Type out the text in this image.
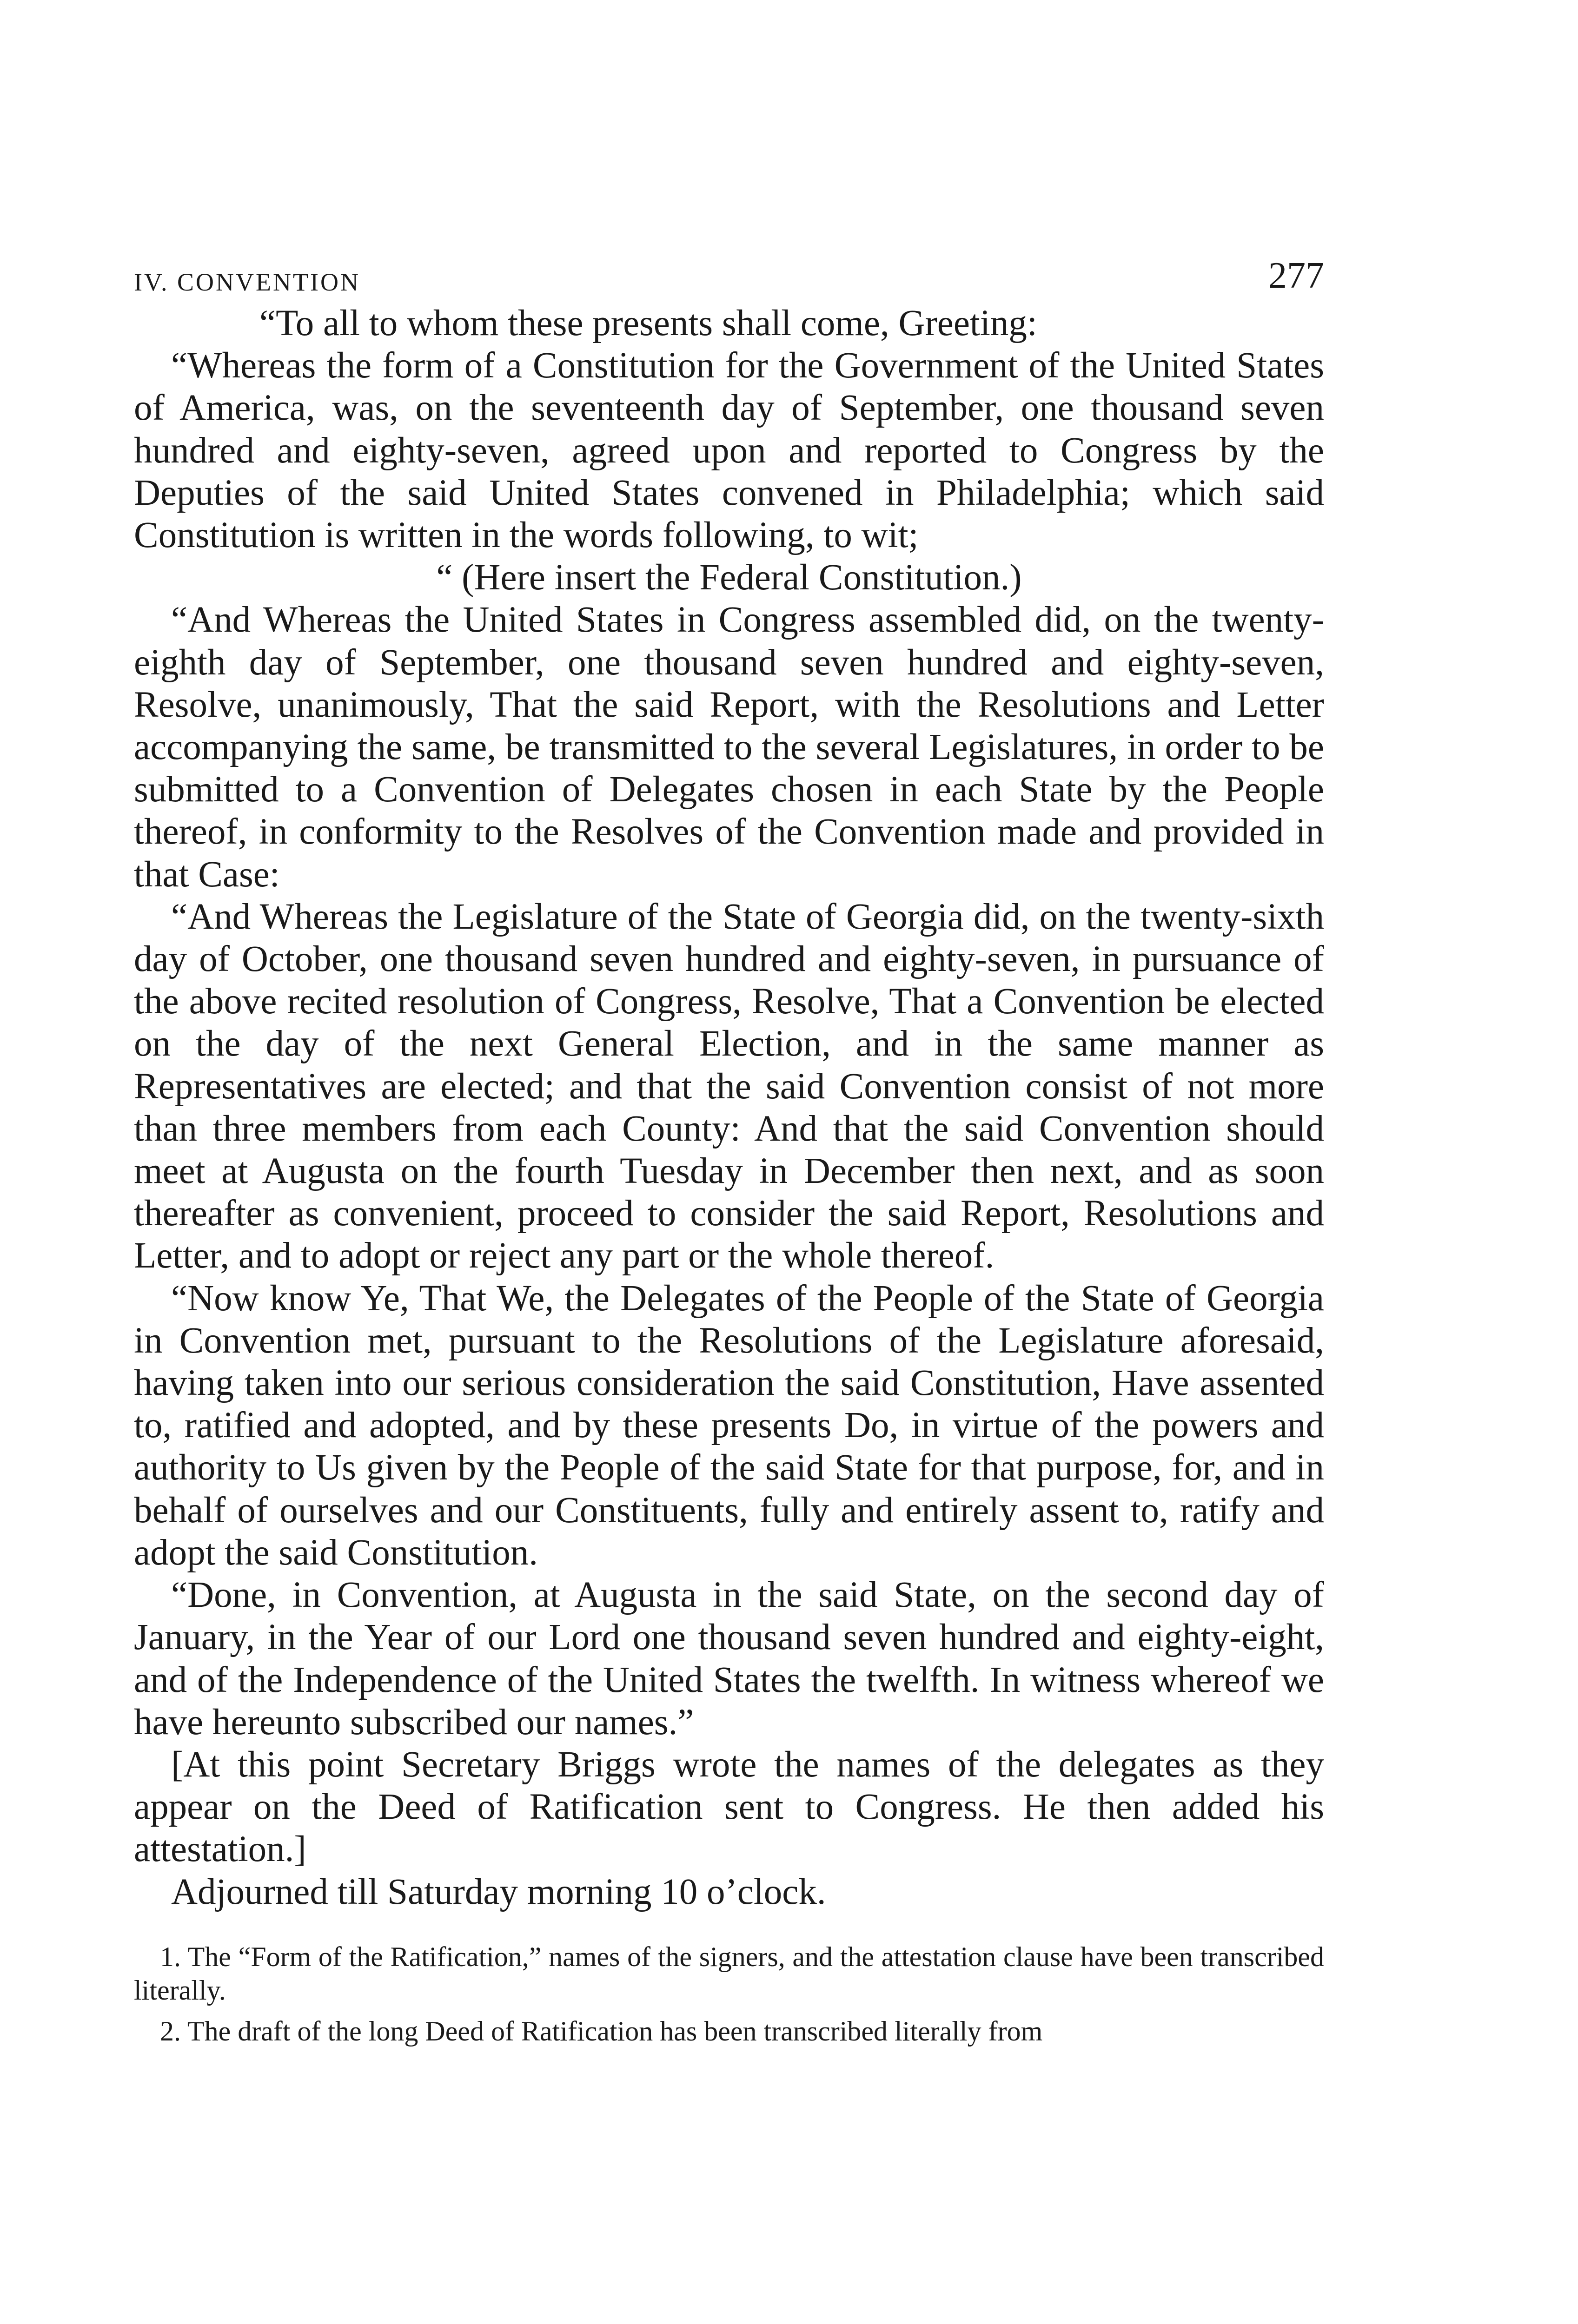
IV. CONVENTION	277

“To all to whom these presents shall come, Greeting:

“Whereas the form of a Constitution for the Government of the United States of America, was, on the seventeenth day of September, one thousand seven hundred and eighty-seven, agreed upon and reported to Congress by the Deputies of the said United States convened in Philadelphia; which said Constitution is written in the words following, to wit;

“ (Here insert the Federal Constitution.)

“And Whereas the United States in Congress assembled did, on the twenty-eighth day of September, one thousand seven hundred and eighty-seven, Resolve, unanimously, That the said Report, with the Resolutions and Letter accompanying the same, be transmitted to the several Legislatures, in order to be submitted to a Convention of Delegates chosen in each State by the People thereof, in conformity to the Resolves of the Convention made and provided in that Case:

“And Whereas the Legislature of the State of Georgia did, on the twenty-sixth day of October, one thousand seven hundred and eighty-seven, in pursuance of the above recited resolution of Congress, Resolve, That a Convention be elected on the day of the next General Election, and in the same manner as Representatives are elected; and that the said Convention consist of not more than three members from each County: And that the said Convention should meet at Augusta on the fourth Tuesday in December then next, and as soon thereafter as convenient, proceed to consider the said Report, Resolutions and Letter, and to adopt or reject any part or the whole thereof.

“Now know Ye, That We, the Delegates of the People of the State of Georgia in Convention met, pursuant to the Resolutions of the Legislature aforesaid, having taken into our serious consideration the said Constitution, Have assented to, ratified and adopted, and by these presents Do, in virtue of the powers and authority to Us given by the People of the said State for that purpose, for, and in behalf of ourselves and our Constituents, fully and entirely assent to, ratify and adopt the said Constitution.

“Done, in Convention, at Augusta in the said State, on the second day of January, in the Year of our Lord one thousand seven hundred and eighty-eight, and of the Independence of the United States the twelfth. In witness whereof we have hereunto subscribed our names.”

[At this point Secretary Briggs wrote the names of the delegates as they appear on the Deed of Ratification sent to Congress. He then added his attestation.]

Adjourned till Saturday morning 10 o’clock.

1. The “Form of the Ratification,” names of the signers, and the attestation clause have been transcribed literally.

2. The draft of the long Deed of Ratification has been transcribed literally from
